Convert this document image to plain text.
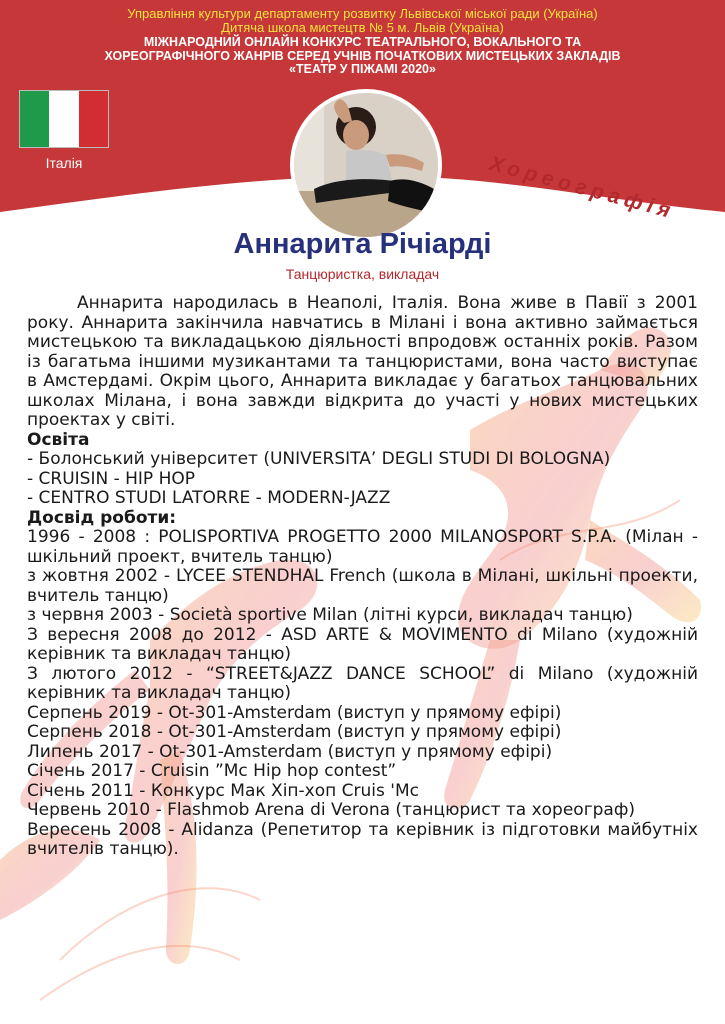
Управління культури департаменту розвитку Львівської міської ради (Україна)
Дитяча школа мистецтв № 5 м. Львів (Україна)
МІЖНАРОДНИЙ ОНЛАЙН КОНКУРС ТЕАТРАЛЬНОГО, ВОКАЛЬНОГО ТА
ХОРЕОГРАФІЧНОГО ЖАНРІВ СЕРЕД УЧНІВ ПОЧАТКОВИХ МИСТЕЦЬКИХ ЗАКЛАДІВ
«ТЕАТР У ПІЖАМІ 2020»
Італія	Хореографія
Аннарита Річіарді
Танцюристка, викладач

Аннарита народилась в Неаполі, Італія. Вона живе в Павії з 2001 року. Аннарита закінчила навчатись в Мілані і вона активно займається мистецькою та викладацькою діяльності впродовж останніх років. Разом із багатьма іншими музикантами та танцюристами, вона часто виступає в Амстердамі. Окрім цього, Аннарита викладає у багатьох танцювальних школах Мілана, і вона завжди відкрита до участі у нових мистецьких проектах у світі.

Освіта

- Болонський університет (UNIVERSITA’ DEGLI STUDI DI BOLOGNA)

- CRUISIN - HIP HOP

- CENTRO STUDI LATORRE - MODERN-JAZZ

Досвід роботи:

1996 - 2008 : POLISPORTIVA PROGETTO 2000 MILANOSPORT S.P.A. (Мілан - шкільний проект, вчитель танцю)

з жовтня 2002 - LYCEE STENDHAL French (школа в Мілані, шкільні проекти, вчитель танцю)

з червня 2003 - Società sportive Milan (літні курси, викладач танцю)

З вересня 2008 до 2012 - ASD ARTE & MOVIMENTO di Milano (художній керівник та викладач танцю)

З лютого 2012 - “STREET&JAZZ DANCE SCHOOL” di Milano (художній керівник та викладач танцю)

Серпень 2019 - Ot-301-Amsterdam (виступ у прямому ефірі)

Серпень 2018 - Ot-301-Amsterdam (виступ у прямому ефірі)

Липень 2017 - Ot-301-Amsterdam (виступ у прямому ефірі)

Січень 2017 - Cruisin ”Mc Hip hop contest”

Січень 2011 - Конкурс Мак Хіп-хоп Cruis 'Mc

Червень 2010 - Flashmob Arena di Verona (танцюрист та хореограф)

Вересень 2008 - Alidanza (Репетитор та керівник із підготовки майбутніх вчителів танцю).
